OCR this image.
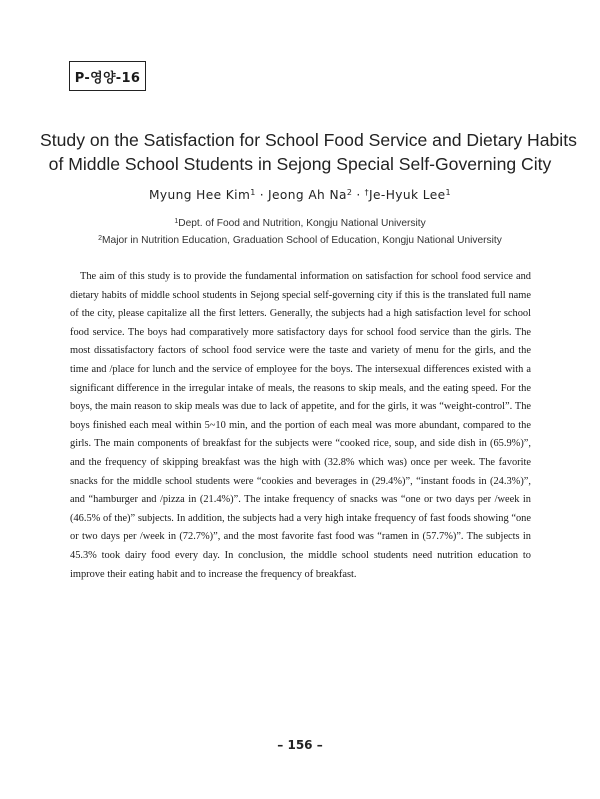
P-영양-16
Study on the Satisfaction for School Food Service and Dietary Habits
of Middle School Students in Sejong Special Self-Governing City
Myung Hee Kim$^1$ · Jeong Ah $Na^2$ · †Je-Hyuk Lee$^1$
$^1$Dept. of Food and Nutrition, Kongju National University
$^2$Major in Nutrition Education, Graduation School of Education, Kongju National University

The aim of this study is to provide the fundamental information on satisfaction for school food service and dietary habits of middle school students in Sejong special self-governing city if this is the translated full name of the city, please capitalize all the first letters. Generally, the subjects had a high satisfaction level for school food service. The boys had comparatively more satisfactory days for school food service than the girls. The most dissatisfactory factors of school food service were the taste and variety of menu for the girls, and the time and /place for lunch and the service of employee for the boys. The intersexual differences existed with a significant difference in the irregular intake of meals, the reasons to skip meals, and the eating speed. For the boys, the main reason to skip meals was due to lack of appetite, and for the girls, it was “weight-control”. The boys finished each meal within 5~10 min, and the portion of each meal was more abundant, compared to the girls. The main components of breakfast for the subjects were “cooked rice, soup, and side dish in (65.9%)”, and the frequency of skipping breakfast was the high with (32.8% which was) once per week. The favorite snacks for the middle school students were “cookies and beverages in (29.4%)”, “instant foods in (24.3%)”, and “hamburger and /pizza in (21.4%)”. The intake frequency of snacks was “one or two days per /week in (46.5% of the)” subjects. In addition, the subjects had a very high intake frequency of fast foods showing “one or two days per /week in (72.7%)”, and the most favorite fast food was “ramen in (57.7%)”. The subjects in 45.3% took dairy food every day. In conclusion, the middle school students need nutrition education to improve their eating habit and to increase the frequency of breakfast.

– 156 –
